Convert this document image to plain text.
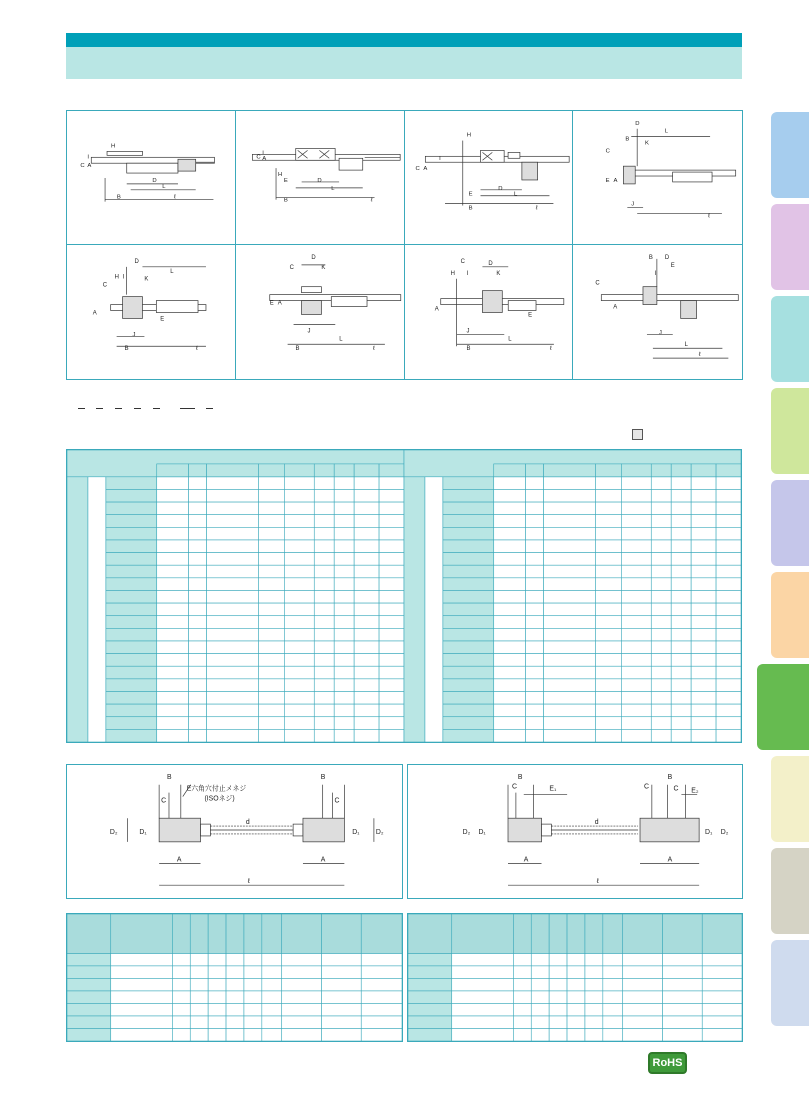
H
I
C A
D
L
B	ℓ
C
I
A
H
E	D
L
B	ℓ
H
I
C A
D
E	L
B	ℓ
D
B
L
K
C
E A
J
ℓ
D
H I	K
L
C
A
E
J
B	ℓ
D
C	K
E A
J
L
B	ℓ
C
H I
D
K
A
E
J
L
B	ℓ
B D
E
I
C
A
J
L
ℓ
B	B
C	C
D₂	D₁
d
D₁ D₂
A	A
ℓ
E六角穴付止メネジ
(ISOネジ)
B
C	E₁	C
B
C E₂
D₂ D₁
d
D₁ D₂
A	A
ℓ
RoHS
